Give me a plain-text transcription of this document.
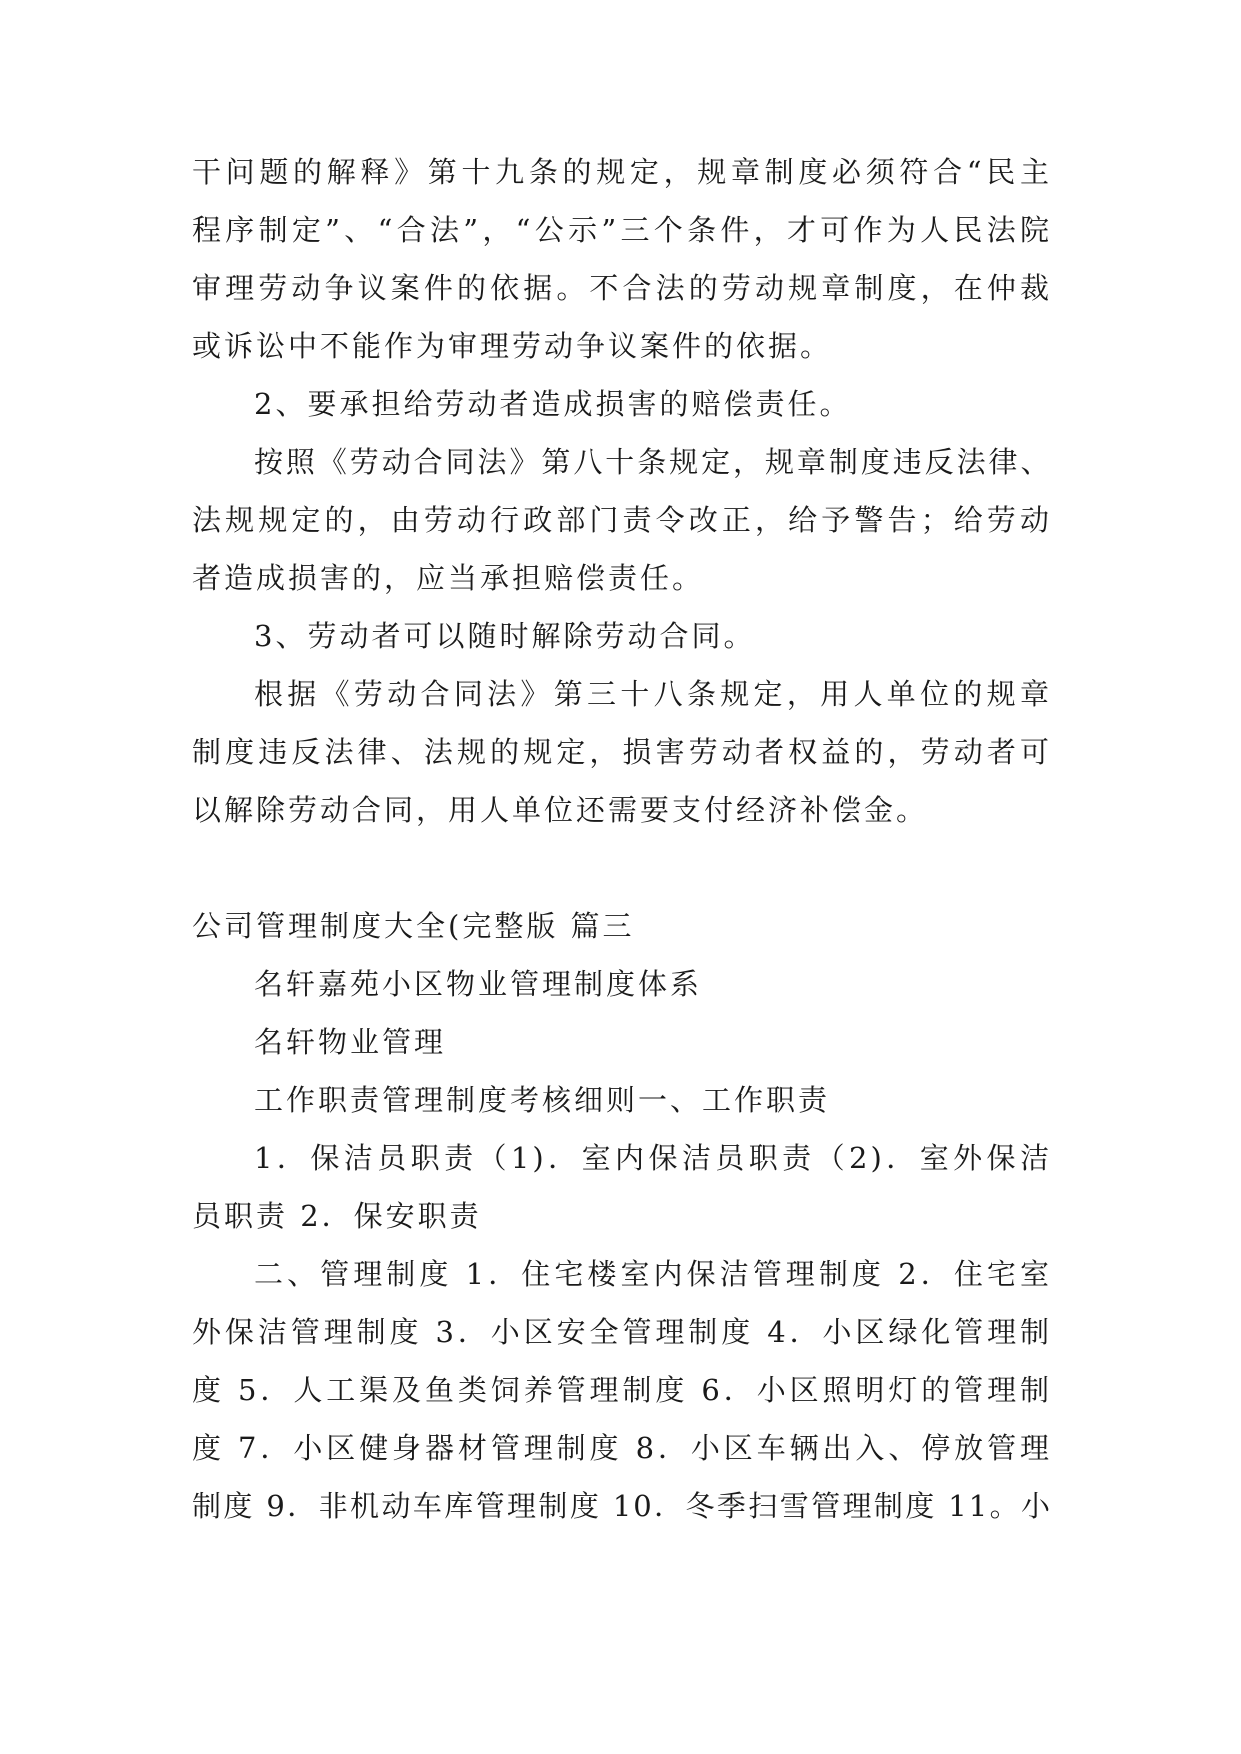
干问题的解释》第十九条的规定，规章制度必须符合“民主
程序制定”、“合法”，“公示”三个条件，才可作为人民法院
审理劳动争议案件的依据。不合法的劳动规章制度，在仲裁
或诉讼中不能作为审理劳动争议案件的依据。
2、要承担给劳动者造成损害的赔偿责任。
按照《劳动合同法》第八十条规定，规章制度违反法律、
法规规定的，由劳动行政部门责令改正，给予警告；给劳动
者造成损害的，应当承担赔偿责任。
3、劳动者可以随时解除劳动合同。
根据《劳动合同法》第三十八条规定，用人单位的规章
制度违反法律、法规的规定，损害劳动者权益的，劳动者可
以解除劳动合同，用人单位还需要支付经济补偿金。
公司管理制度大全(完整版 篇三
名轩嘉苑小区物业管理制度体系
名轩物业管理
工作职责管理制度考核细则一、工作职责
1．保洁员职责（1)．室内保洁员职责（2)．室外保洁
员职责 2．保安职责
二、管理制度 1．住宅楼室内保洁管理制度 2．住宅室
外保洁管理制度 3．小区安全管理制度 4．小区绿化管理制
度 5．人工渠及鱼类饲养管理制度 6．小区照明灯的管理制
度 7．小区健身器材管理制度 8．小区车辆出入、停放管理
制度 9．非机动车库管理制度 10．冬季扫雪管理制度 11。小
